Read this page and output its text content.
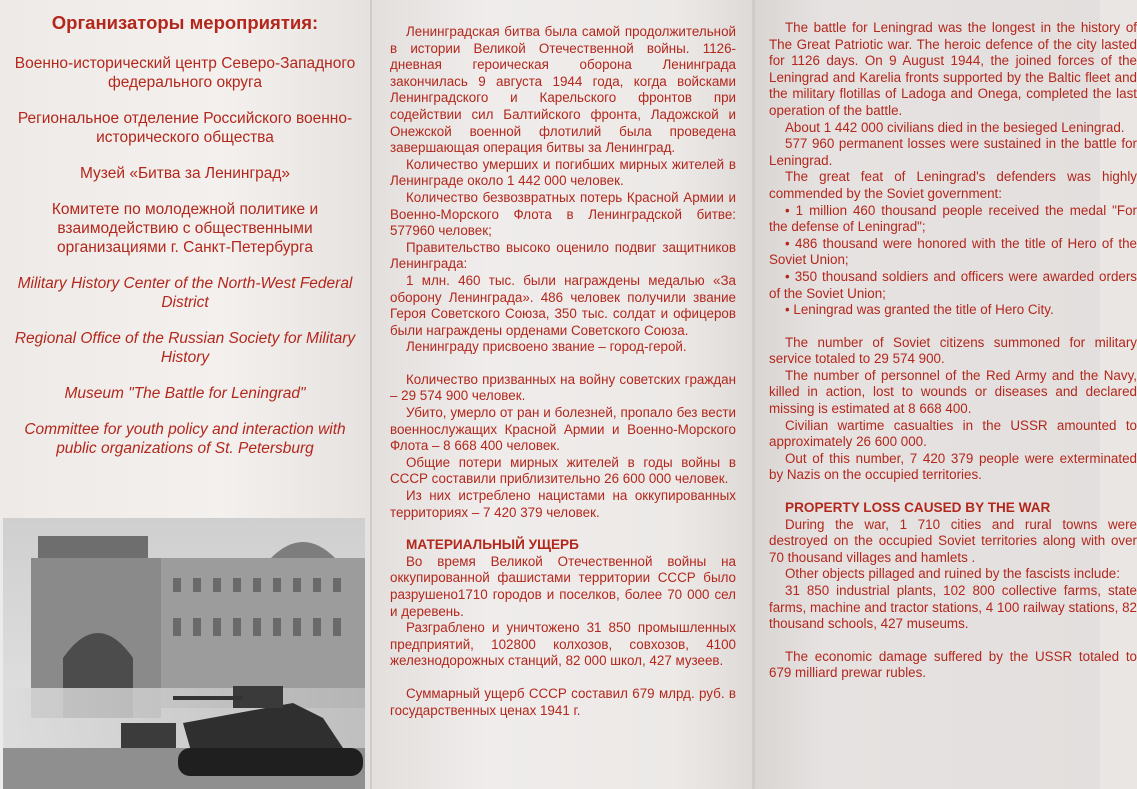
Организаторы мероприятия:

Военно-исторический центр Северо-Западного федерального округа

Региональное отделение Российского военно-исторического общества

Музей «Битва за Ленинград»

Комитете по молодежной политике и взаимодействию с общественными организациями г. Санкт-Петербурга

Military History Center of the North-West Federal District

Regional Office of the Russian Society for Military History

Museum "The Battle for Leningrad"

Committee for youth policy and interaction with public organizations of St. Petersburg

Ленинградская битва была самой продолжительной в истории Великой Отечественной войны. 1126-дневная героическая оборона Ленинграда закончилась 9 августа 1944 года, когда войсками Ленинградского и Карельского фронтов при содействии сил Балтийского фронта, Ладожской и Онежской военной флотилий была проведена завершающая операция битвы за Ленинград.

Количество умерших и погибших мирных жителей в Ленинграде около 1 442 000 человек.

Количество безвозвратных потерь Красной Армии и Военно-Морского Флота в Ленинградской битве: 577960 человек;

Правительство высоко оценило подвиг защитников Ленинграда:

1 млн. 460 тыс. были награждены медалью «За оборону Ленинграда». 486 человек получили звание Героя Советского Союза, 350 тыс. солдат и офицеров были награждены орденами Советского Союза.

Ленинграду присвоено звание – город-герой.

Количество призванных на войну советских граждан – 29 574 900 человек.

Убито, умерло от ран и болезней, пропало без вести военнослужащих Красной Армии и Военно-Морского Флота – 8 668 400 человек.

Общие потери мирных жителей в годы войны в СССР составили приблизительно 26 600 000 человек.

Из них истреблено нацистами на оккупированных территориях – 7 420 379 человек.

МАТЕРИАЛЬНЫЙ УЩЕРБ

Во время Великой Отечественной войны на оккупированной фашистами территории СССР было разрушено1710 городов и поселков, более 70 000 сел и деревень.

Разграблено и уничтожено 31 850 промышленных предприятий, 102800 колхозов, совхозов, 4100 железнодорожных станций, 82 000 школ, 427 музеев.

Суммарный ущерб СССР составил 679 млрд. руб. в государственных ценах 1941 г.

The battle for Leningrad was the longest in the history of The Great Patriotic war. The heroic defence of the city lasted for 1126 days. On 9 August 1944, the joined forces of the Leningrad and Karelia fronts supported by the Baltic fleet and the military flotillas of Ladoga and Onega, completed the last operation of the battle.

About 1 442 000 civilians died in the besieged Leningrad.

577 960 permanent losses were sustained in the battle for Leningrad.

The great feat of Leningrad's defenders was highly commended by the Soviet government:

• 1 million 460 thousand people received the medal "For the defense of Leningrad";

• 486 thousand were honored with the title of Hero of the Soviet Union;

• 350 thousand soldiers and officers were awarded orders of the Soviet Union;

• Leningrad was granted the title of Hero City.

The number of Soviet citizens summoned for military service totaled to 29 574 900.

The number of personnel of the Red Army and the Navy, killed in action, lost to wounds or diseases and declared missing is estimated at 8 668 400.

Civilian wartime casualties in the USSR amounted to approximately 26 600 000.

Out of this number, 7 420 379 people were exterminated by Nazis on the occupied territories.

PROPERTY LOSS CAUSED BY THE WAR

During the war, 1 710 cities and rural towns were destroyed on the occupied Soviet territories along with over 70 thousand villages and hamlets .

Other objects pillaged and ruined by the fascists include:

31 850 industrial plants, 102 800 collective farms, state farms, machine and tractor stations, 4 100 railway stations, 82 thousand schools, 427 museums.

The economic damage suffered by the USSR totaled to 679 milliard prewar rubles.
